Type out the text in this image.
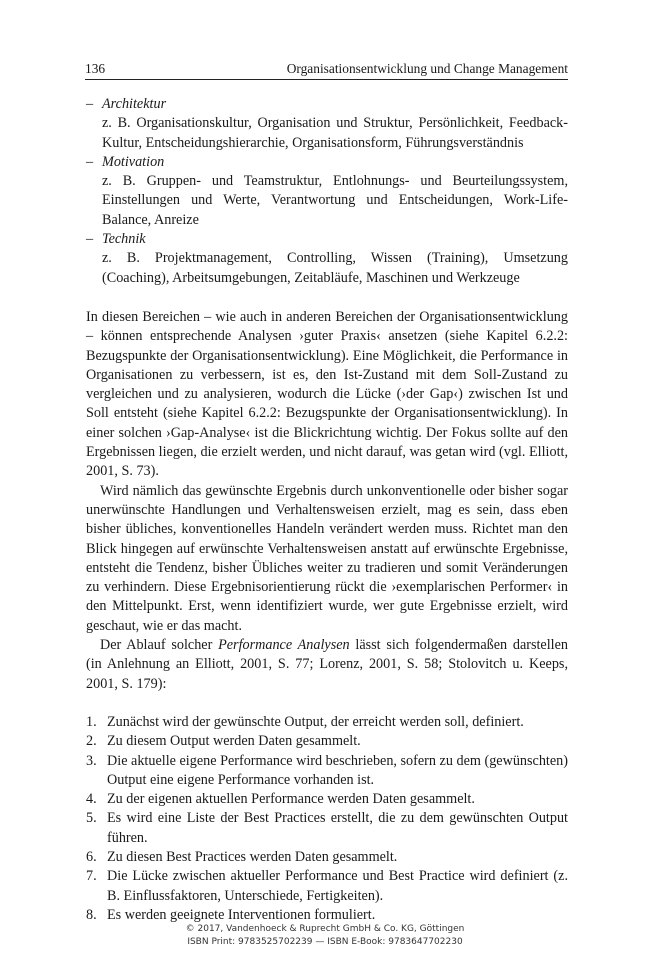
136	Organisationsentwicklung und Change Management
– Architektur
z. B. Organisationskultur, Organisation und Struktur, Persönlichkeit, Feedback-Kultur, Entscheidungshierarchie, Organisationsform, Führungsverständnis
– Motivation
z. B. Gruppen- und Teamstruktur, Entlohnungs- und Beurteilungssystem, Einstellungen und Werte, Verantwortung und Entscheidungen, Work-Life-Balance, Anreize
– Technik
z. B. Projektmanagement, Controlling, Wissen (Training), Umsetzung (Coaching), Arbeitsumgebungen, Zeitabläufe, Maschinen und Werkzeuge

In diesen Bereichen – wie auch in anderen Bereichen der Organisationsentwicklung – können entsprechende Analysen ›guter Praxis‹ ansetzen (siehe Kapitel 6.2.2: Bezugspunkte der Organisationsentwicklung). Eine Möglichkeit, die Performance in Organisationen zu verbessern, ist es, den Ist-Zustand mit dem Soll-Zustand zu vergleichen und zu analysieren, wodurch die Lücke (›der Gap‹) zwischen Ist und Soll entsteht (siehe Kapitel 6.2.2: Bezugspunkte der Organisationsentwicklung). In einer solchen ›Gap-Analyse‹ ist die Blickrichtung wichtig. Der Fokus sollte auf den Ergebnissen liegen, die erzielt werden, und nicht darauf, was getan wird (vgl. Elliott, 2001, S. 73).

Wird nämlich das gewünschte Ergebnis durch unkonventionelle oder bisher sogar unerwünschte Handlungen und Verhaltensweisen erzielt, mag es sein, dass eben bisher übliches, konventionelles Handeln verändert werden muss. Richtet man den Blick hingegen auf erwünschte Verhaltensweisen anstatt auf erwünschte Ergebnisse, entsteht die Tendenz, bisher Übliches weiter zu tradieren und somit Veränderungen zu verhindern. Diese Ergebnisorientierung rückt die ›exemplarischen Performer‹ in den Mittelpunkt. Erst, wenn identifiziert wurde, wer gute Ergebnisse erzielt, wird geschaut, wie er das macht.

Der Ablauf solcher Performance Analysen lässt sich folgendermaßen darstellen (in Anlehnung an Elliott, 2001, S. 77; Lorenz, 2001, S. 58; Stolovitch u. Keeps, 2001, S. 179):

1. Zunächst wird der gewünschte Output, der erreicht werden soll, definiert.
2. Zu diesem Output werden Daten gesammelt.
3. Die aktuelle eigene Performance wird beschrieben, sofern zu dem (gewünschten) Output eine eigene Performance vorhanden ist.
4. Zu der eigenen aktuellen Performance werden Daten gesammelt.
5. Es wird eine Liste der Best Practices erstellt, die zu dem gewünschten Output führen.
6. Zu diesen Best Practices werden Daten gesammelt.
7. Die Lücke zwischen aktueller Performance und Best Practice wird definiert (z. B. Einflussfaktoren, Unterschiede, Fertigkeiten).
8. Es werden geeignete Interventionen formuliert.
© 2017, Vandenhoeck & Ruprecht GmbH & Co. KG, Göttingen
ISBN Print: 9783525702239 — ISBN E-Book: 9783647702230
